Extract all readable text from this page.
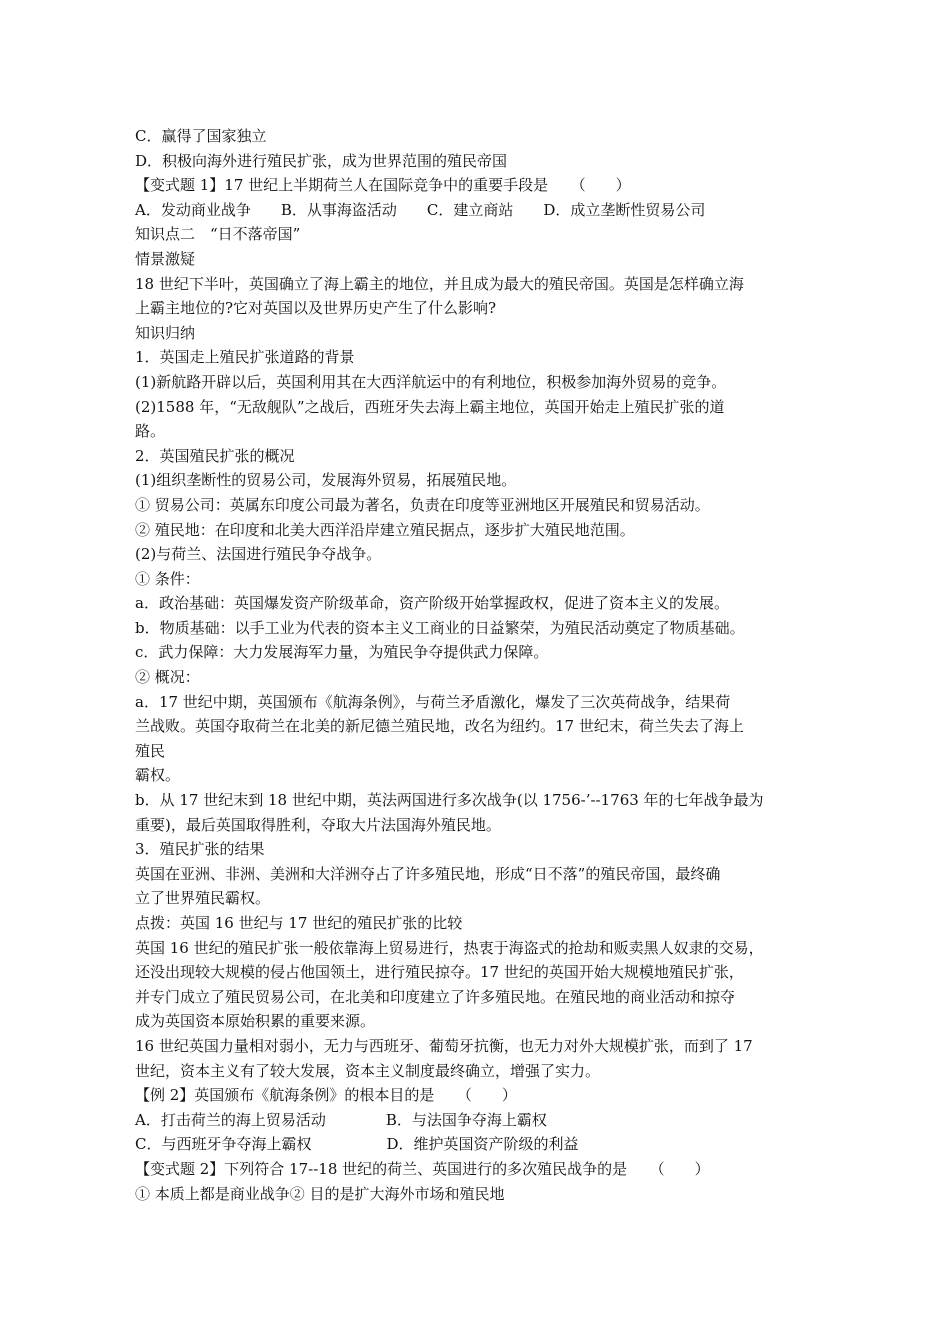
C．赢得了国家独立
D．积极向海外进行殖民扩张，成为世界范围的殖民帝国
【变式题 1】17 世纪上半期荷兰人在国际竞争中的重要手段是　　（　　）
A．发动商业战争　　B．从事海盗活动　　C．建立商站　　D．成立垄断性贸易公司
知识点二　“日不落帝国”
情景激疑
18 世纪下半叶，英国确立了海上霸主的地位，并且成为最大的殖民帝国。英国是怎样确立海
上霸主地位的?它对英国以及世界历史产生了什么影响?
知识归纳
1．英国走上殖民扩张道路的背景
(1)新航路开辟以后，英国利用其在大西洋航运中的有利地位，积极参加海外贸易的竞争。
(2)1588 年，“无敌舰队”之战后，西班牙失去海上霸主地位，英国开始走上殖民扩张的道
路。
2．英国殖民扩张的概况
(1)组织垄断性的贸易公司，发展海外贸易，拓展殖民地。
① 贸易公司：英属东印度公司最为著名，负责在印度等亚洲地区开展殖民和贸易活动。
② 殖民地：在印度和北美大西洋沿岸建立殖民据点，逐步扩大殖民地范围。
(2)与荷兰、法国进行殖民争夺战争。
① 条件：
a．政治基础：英国爆发资产阶级革命，资产阶级开始掌握政权，促进了资本主义的发展。
b．物质基础：以手工业为代表的资本主义工商业的日益繁荣，为殖民活动奠定了物质基础。
c．武力保障：大力发展海军力量，为殖民争夺提供武力保障。
② 概况：
a．17 世纪中期，英国颁布《航海条例》，与荷兰矛盾激化，爆发了三次英荷战争，结果荷
兰战败。英国夺取荷兰在北美的新尼德兰殖民地，改名为纽约。17 世纪末，荷兰失去了海上
殖民
霸权。
b．从 17 世纪末到 18 世纪中期，英法两国进行多次战争(以 1756-’--1763 年的七年战争最为
重要)，最后英国取得胜利，夺取大片法国海外殖民地。
3．殖民扩张的结果
英国在亚洲、非洲、美洲和大洋洲夺占了许多殖民地，形成“日不落”的殖民帝国，最终确
立了世界殖民霸权。
点拨：英国 16 世纪与 17 世纪的殖民扩张的比较
英国 16 世纪的殖民扩张一般依靠海上贸易进行，热衷于海盗式的抢劫和贩卖黑人奴隶的交易，
还没出现较大规模的侵占他国领土，进行殖民掠夺。17 世纪的英国开始大规模地殖民扩张，
并专门成立了殖民贸易公司，在北美和印度建立了许多殖民地。在殖民地的商业活动和掠夺
成为英国资本原始积累的重要来源。
16 世纪英国力量相对弱小，无力与西班牙、葡萄牙抗衡，也无力对外大规模扩张，而到了 17
世纪，资本主义有了较大发展，资本主义制度最终确立，增强了实力。
【例 2】英国颁布《航海条例》的根本目的是　　（　　）
A．打击荷兰的海上贸易活动　　　　B．与法国争夺海上霸权
C．与西班牙争夺海上霸权　　　　　D．维护英国资产阶级的利益
【变式题 2】下列符合 17--18 世纪的荷兰、英国进行的多次殖民战争的是　　（　　）
① 本质上都是商业战争② 目的是扩大海外市场和殖民地
